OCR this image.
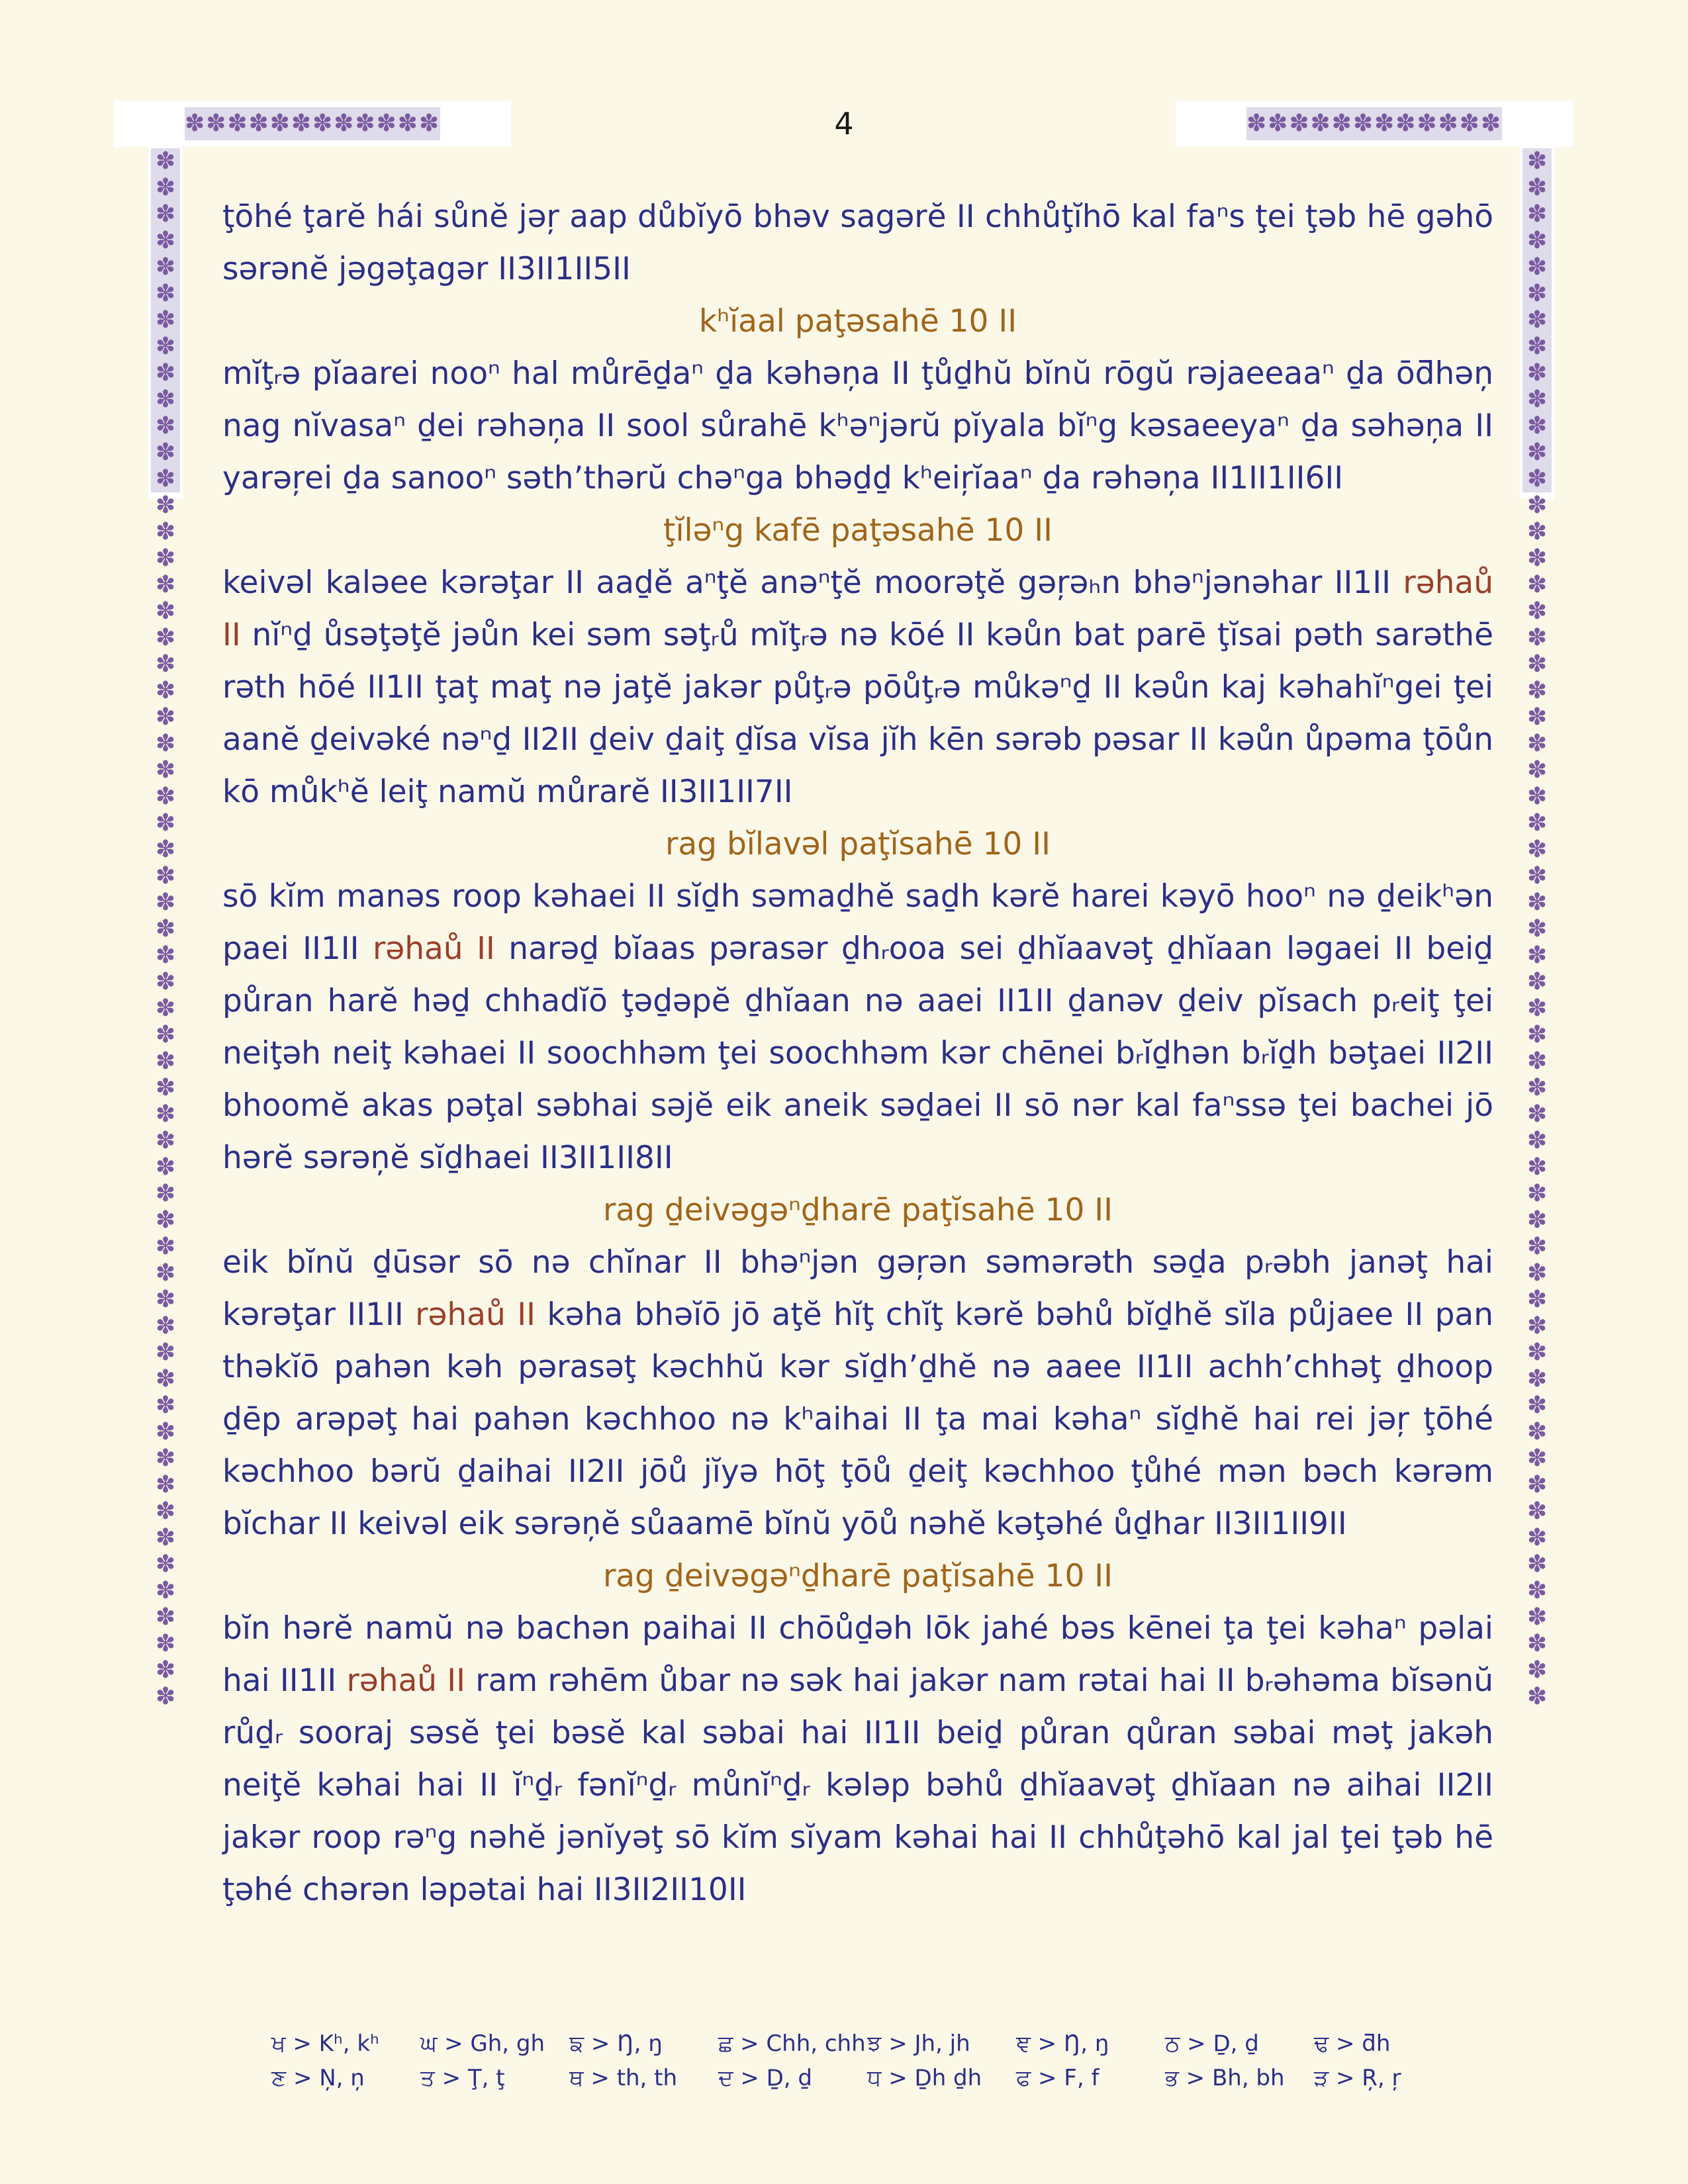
✽✽✽✽✽✽✽✽✽✽✽✽	✽✽✽✽✽✽✽✽✽✽✽✽
✽✽✽✽✽✽✽✽✽✽✽✽✽✽✽✽✽✽✽✽✽✽✽✽✽✽✽✽✽✽✽✽✽✽✽✽✽✽✽✽✽✽✽✽✽✽✽✽✽✽✽✽✽✽✽✽✽✽✽
✽✽✽✽✽✽✽✽✽✽✽✽✽✽✽✽✽✽✽✽✽✽✽✽✽✽✽✽✽✽✽✽✽✽✽✽✽✽✽✽✽✽✽✽✽✽✽✽✽✽✽✽✽✽✽✽✽✽✽
4

ţōhé ţarĕ hái sůnĕ jəŗ aap důbĭyō bhəv sagərĕ II chhůţĭhō kal faⁿs ţei ţəb hē gəhō sərənĕ jəgəţagər II3II1II5II

kʰĭaal paţəsahē 10 II

mĭţᵣə pĭaarei nooⁿ hal můrēḏaⁿ ḏa kəhəņa II ţůḏhŭ bĭnŭ rōgŭ rəjaeeaaⁿ ḏa ōƌhəņ nag nĭvasaⁿ ḏei rəhəņa II sool sůrahē kʰəⁿjərŭ pĭyala bĭⁿg kəsaeeyaⁿ ḏa səhəņa II yarəŗei ḏa sanooⁿ səth’thərŭ chəⁿga bhəḏḏ kʰeiŗĭaaⁿ ḏa rəhəņa II1II1II6II

ţĭləⁿg kafē paţəsahē 10 II

keivəl kaləee kərəţar II aaḏĕ aⁿţĕ anəⁿţĕ moorəţĕ gəŗəₕn bhəⁿjənəhar II1II rəhaů II nĭⁿḏ ůsəţəţĕ jəůn kei səm səţᵣů mĭţᵣə nə kōé II kəůn bat parē ţĭsai pəth sarəthē rəth hōé II1II ţaţ maţ nə jaţĕ jakər půţᵣə pōůţᵣə můkəⁿḏ II kəůn kaj kəhahĭⁿgei ţei aanĕ ḏeivəké nəⁿḏ II2II ḏeiv ḏaiţ ḏĭsa vĭsa jĭh kēn sərəb pəsar II kəůn ůpəma ţōůn kō můkʰĕ leiţ namŭ můrarĕ II3II1II7II

rag bĭlavəl paţĭsahē 10 II

sō kĭm manəs roop kəhaei II sĭḏh səmaḏhĕ saḏh kərĕ harei kəyō hooⁿ nə ḏeikʰən paei II1II rəhaů II narəḏ bĭaas pərasər ḏhᵣooa sei ḏhĭaavəţ ḏhĭaan ləgaei II beiḏ půran harĕ həḏ chhadĭō ţəḏəpĕ ḏhĭaan nə aaei II1II ḏanəv ḏeiv pĭsach pᵣeiţ ţei neiţəh neiţ kəhaei II soochhəm ţei soochhəm kər chēnei bᵣĭḏhən bᵣĭḏh bəţaei II2II bhoomĕ akas pəţal səbhai səjĕ eik aneik səḏaei II sō nər kal faⁿssə ţei bachei jō hərĕ sərəņĕ sĭḏhaei II3II1II8II

rag ḏeivəgəⁿḏharē paţĭsahē 10 II

eik bĭnŭ ḏūsər sō nə chĭnar II bhəⁿjən gəŗən səmərəth səḏa pᵣəbh janəţ hai kərəţar II1II rəhaů II kəha bhəĭō jō aţĕ hĭţ chĭţ kərĕ bəhů bĭḏhĕ sĭla půjaee II pan thəkĭō pahən kəh pərasəţ kəchhŭ kər sĭḏh’ḏhĕ nə aaee II1II achh’chhəţ ḏhoop ḏēp arəpəţ hai pahən kəchhoo nə kʰaihai II ţa mai kəhaⁿ sĭḏhĕ hai rei jəŗ ţōhé kəchhoo bərŭ ḏaihai II2II jōů jĭyə hōţ ţōů ḏeiţ kəchhoo ţůhé mən bəch kərəm bĭchar II keivəl eik sərəņĕ sůaamē bĭnŭ yōů nəhĕ kəţəhé ůḏhar II3II1II9II

rag ḏeivəgəⁿḏharē paţĭsahē 10 II

bĭn hərĕ namŭ nə bachən paihai II chōůḏəh lōk jahé bəs kēnei ţa ţei kəhaⁿ pəlai hai II1II rəhaů II ram rəhēm ůbar nə sək hai jakər nam rətai hai II bᵣəhəma bĭsənŭ růḏᵣ sooraj səsĕ ţei bəsĕ kal səbai hai II1II beiḏ půran qůran səbai məţ jakəh neiţĕ kəhai hai II ĭⁿḏᵣ fənĭⁿḏᵣ můnĭⁿḏᵣ kələp bəhů ḏhĭaavəţ ḏhĭaan nə aihai II2II jakər roop rəⁿg nəhĕ jənĭyəţ sō kĭm sĭyam kəhai hai II chhůţəhō kal jal ţei ţəb hē ţəhé chərən ləpətai hai II3II2II10II

ਖ > Kʰ, kʰ	ਘ > Gh, gh	ਙ > Ŋ, ŋ	ਛ > Chh, chh ਝ > Jh, jh	ਞ > Ŋ, ŋ	ਠ > Ḏ, ḏ	ਢ > ƌh
ਣ > Ņ, ņ	ਤ > Ţ, ţ	ਥ > th, th	ਦ > Ḏ, ḏ	ਧ > Ḏh ḏh	ਫ > F, f	ਭ > Bh, bh	ੜ > Ŗ, ŗ
